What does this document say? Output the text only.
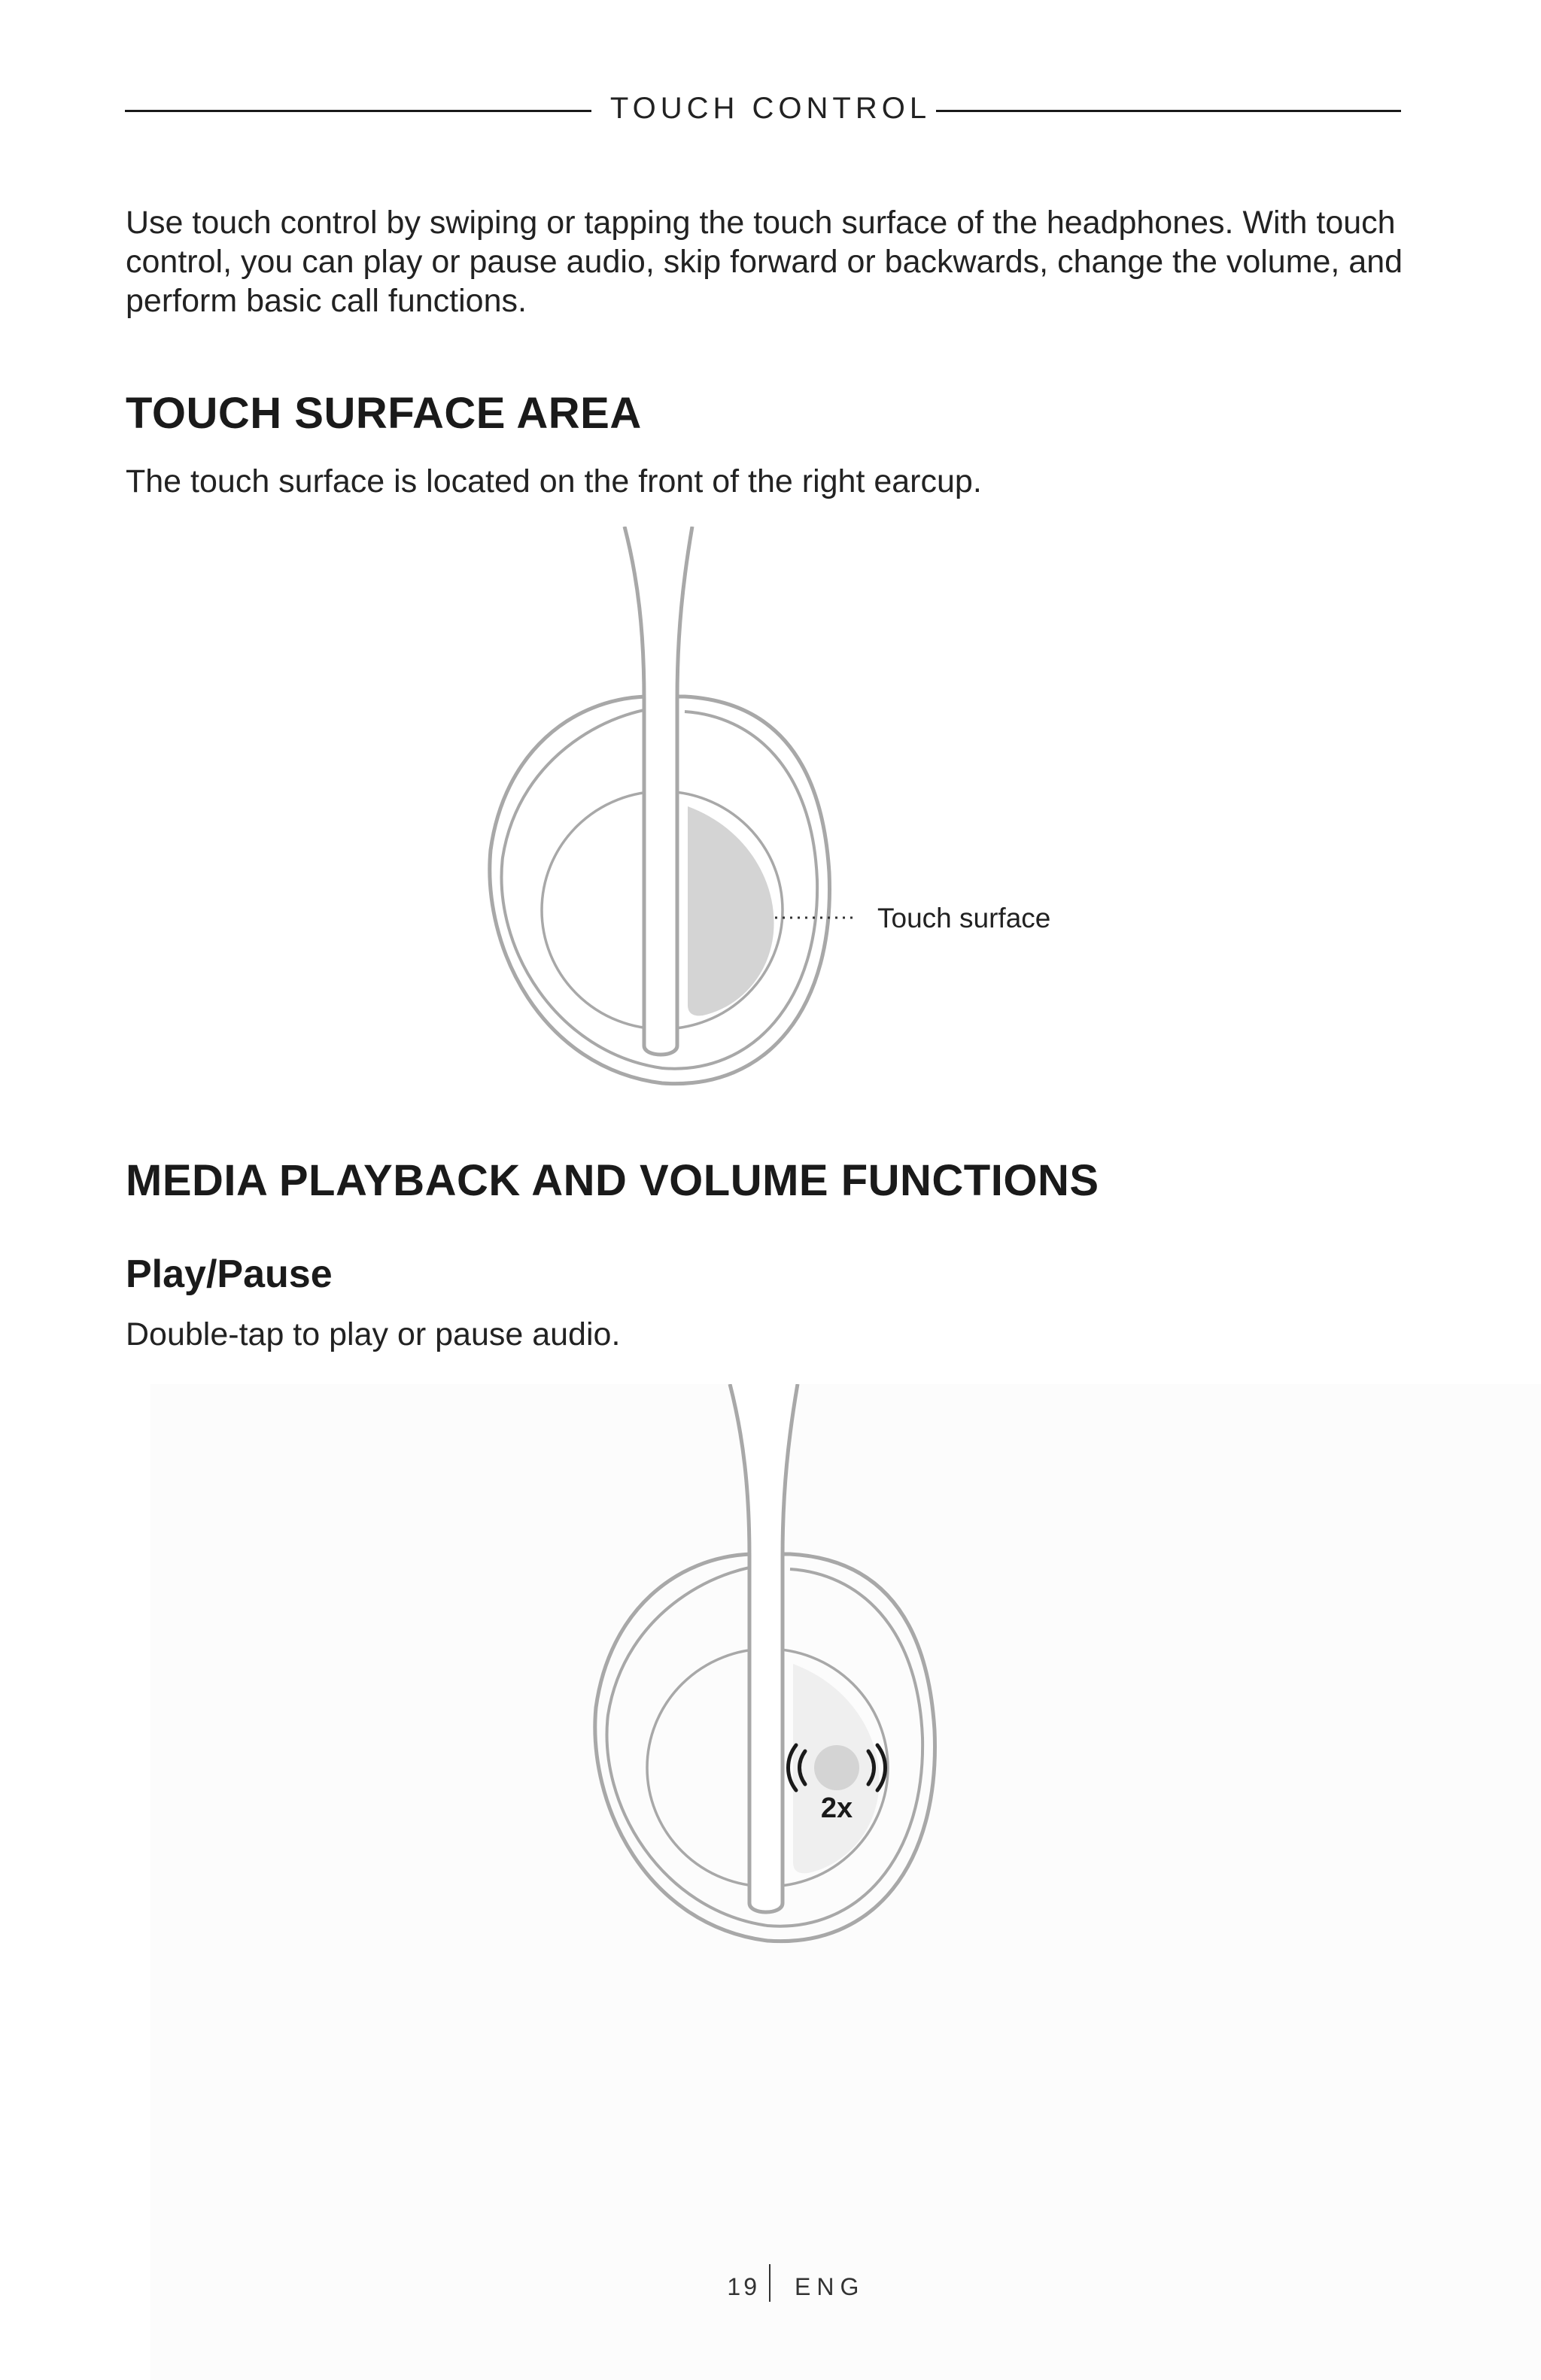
TOUCH CONTROL
Use touch control by swiping or tapping the touch surface of the headphones. With touch control, you can play or pause audio, skip forward or backwards, change the volume, and perform basic call functions.
TOUCH SURFACE AREA
The touch surface is located on the front of the right earcup.
Touch surface
MEDIA PLAYBACK AND VOLUME FUNCTIONS
Play/Pause
Double-tap to play or pause audio.
2x
19 ENG
